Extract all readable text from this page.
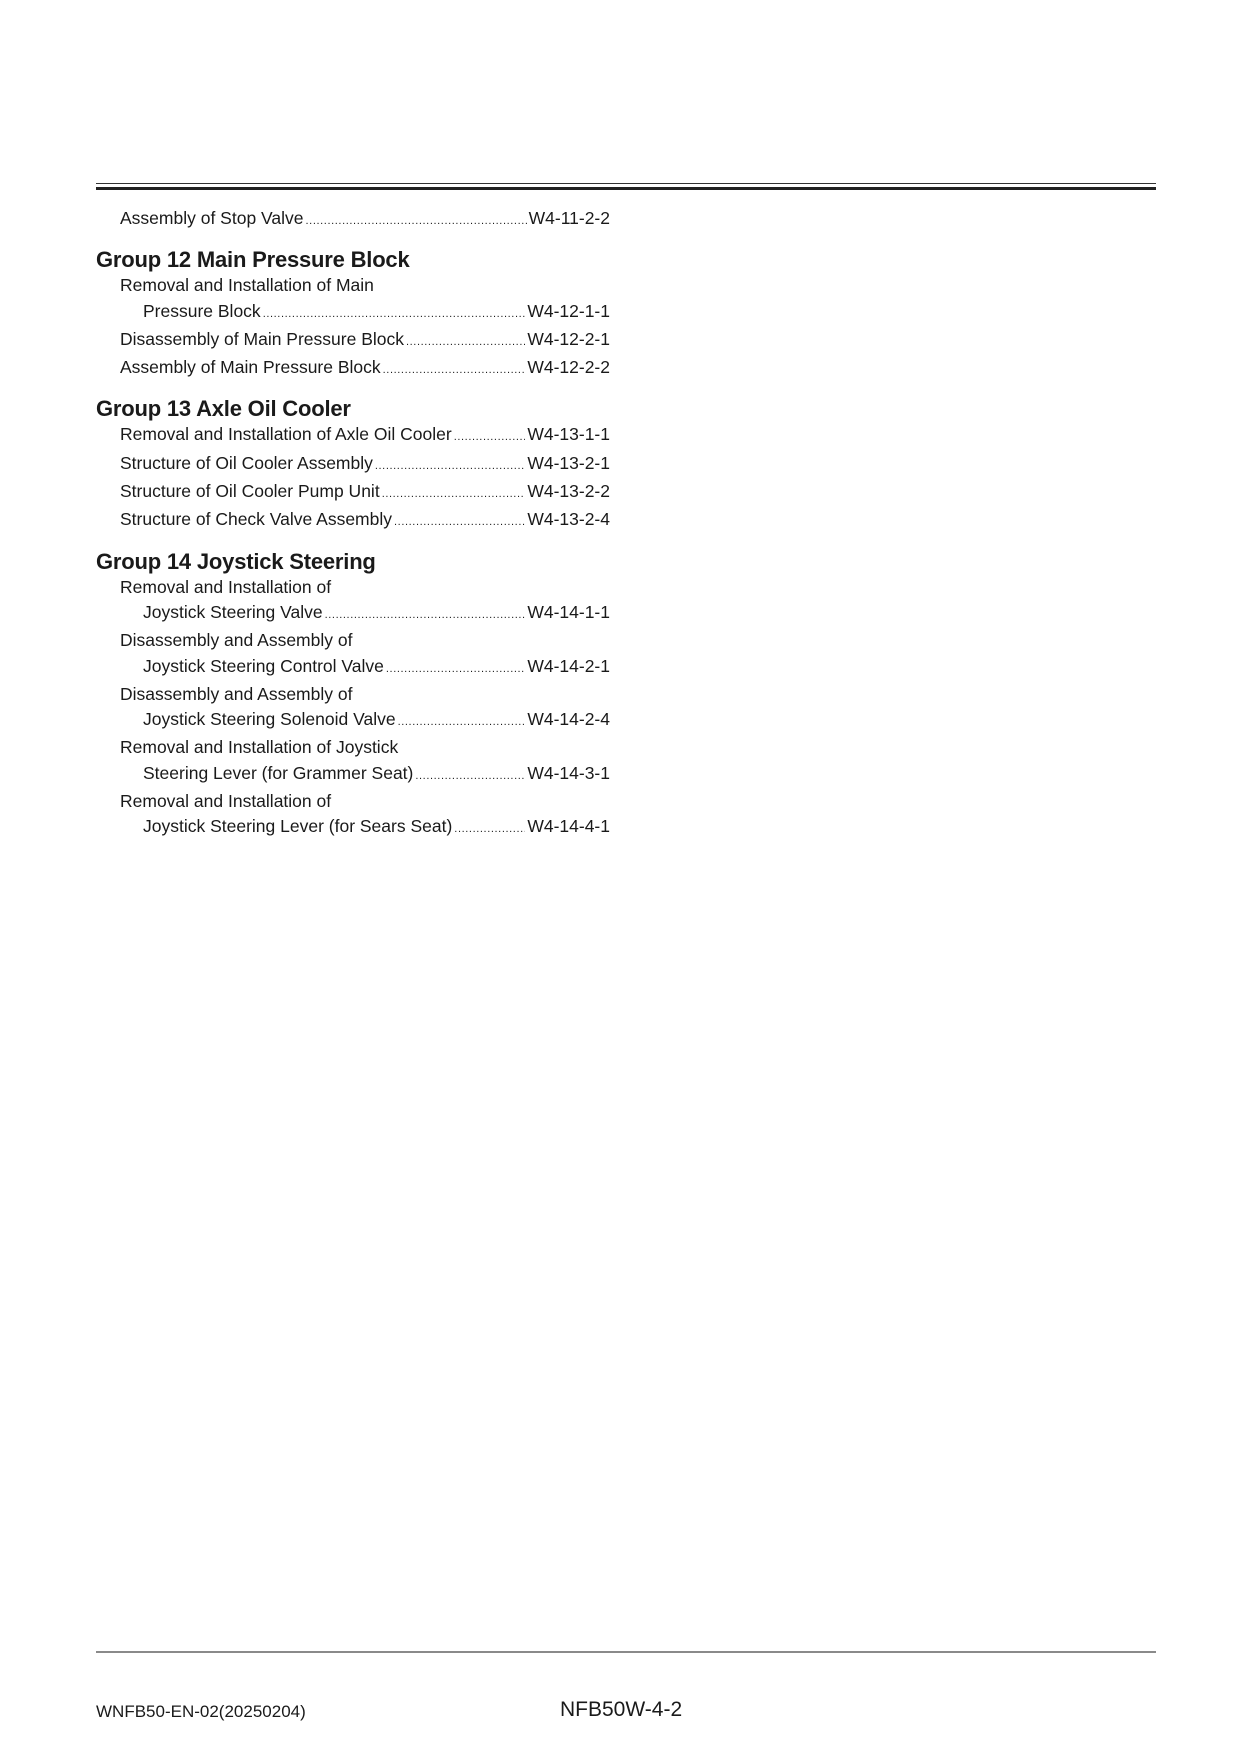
Assembly of Stop Valve .....	W4-11-2-2
Group 12 Main Pressure Block
Removal and Installation of Main
Pressure Block .....	W4-12-1-1
Disassembly of Main Pressure Block .....	W4-12-2-1
Assembly of Main Pressure Block .....	W4-12-2-2
Group 13 Axle Oil Cooler
Removal and Installation of Axle Oil Cooler .....	W4-13-1-1
Structure of Oil Cooler Assembly .....	W4-13-2-1
Structure of Oil Cooler Pump Unit .....	W4-13-2-2
Structure of Check Valve Assembly .....	W4-13-2-4
Group 14 Joystick Steering
Removal and Installation of
Joystick Steering Valve .....	W4-14-1-1
Disassembly and Assembly of
Joystick Steering Control Valve .....	W4-14-2-1
Disassembly and Assembly of
Joystick Steering Solenoid Valve .....	W4-14-2-4
Removal and Installation of Joystick
Steering Lever (for Grammer Seat) .....	W4-14-3-1
Removal and Installation of
Joystick Steering Lever (for Sears Seat) .....	W4-14-4-1
WNFB50-EN-02(20250204)	NFB50W-4-2
